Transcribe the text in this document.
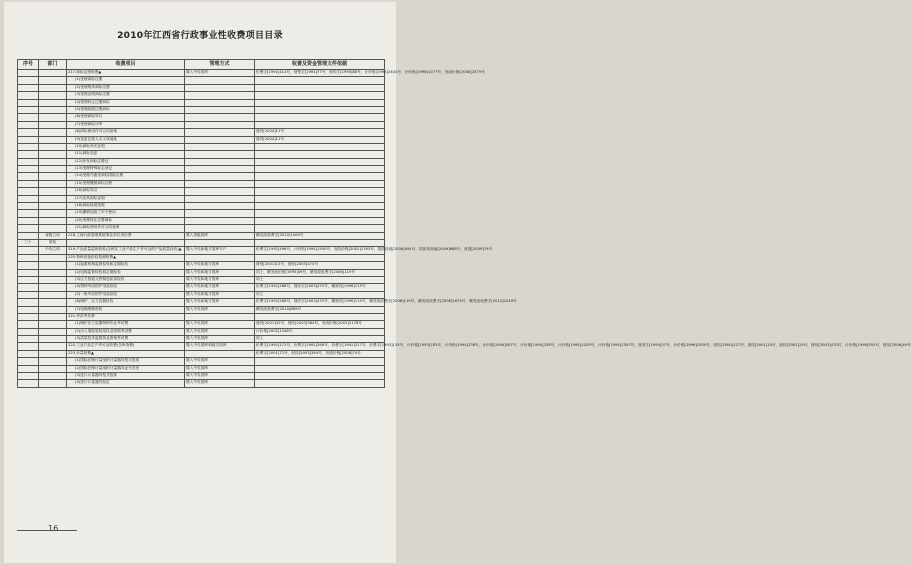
2010年江西省行政事业性收费项目目录
序号	部门	收费项目	管理方式	收费及资金管理文件依据
		217.商标注册收费▲	缴入中央国库	价费字[1992]414号，财预字[1994]37号，财综字[1995]88号，计价格[1995]2404号，计价格[1998]1077号，发改价格[2008]2579号
		(1)受理商标注册		
		(2)受理集体商标注册		
		(3)受理证明商标注册		
		(4)受理转让注册商标		
		(5)受理续展注册商标		
		(6)受理商标异议		
		(7)受理商标评审		
		(8)商标使用许可合同备案		财综[2004]11号
		(9)变更注册人名义或地址		财综[2004]11号
		(10)商标补充证明		
		(11)商标变更		
		(12)补发商标注册证		
		(13)受理特殊标志登记		
		(14)受理马德里商标国际注册		
		(15)受理撤销商标注册		
		(16)商标异议		
		(17)出具商标证明		
		(18)商标续展宽展		
		(19)撤销连续三年不使用		
		(20)受理转让注册商标		
		(21)商标使用许可合同备案		
	省级立项	218.工商行政管理系统事业单位诉讼费	缴入省级国库	赣发改收费字[2010]1509号
三十	质检			
	中央立项	219.产品质量监督检验(含核实工业产品生产许可证的产品质量检验)▲	缴入中央和地方国库专户	价费字[1992]496号，计价格[1994]1550号，发改价格[2002]1763号，国质检财[2008]494号，国质检财函[2009]688号，财建[2009]79号
		220.特种设备检验检测收费▲		
		(1)起重机械监督检验和定期检验	缴入中央和地方国库	财预[2001]13号，财综[2003]470号
		(2)电梯监督检验和定期检验	缴入中央和地方国库	同上，赣发改价格[1995]49号，赣发改收费字[2006]119号
		(3)压力管道元件制造质量检验	缴入中央和地方国库	同上
		(4)特种劳动防护用品检验	缴入中央和地方国库	价费字[1992]268号，财综字[2003]470号，赣财综[1996]115号
		(5)一般劳动防护用品检验	缴入中央和地方国库	同上
		(6)锅炉、压力容器检验	缴入中央和地方国库	价费字[1992]268号，财综字[2003]470号，赣财综[1996]115号，赣发改收费字[2006]119号，赣发改收费字[2008]1879号，赣发改收费字[2010]2249号
		(7)电梯维修资质	缴入中央国库	赣发改收费字[2010]689号
		221.考试考务费		
		(1)锅炉压力容器特种作业考试费	缴入中央国库	财综[2001]32号，财综[2003]384号，发改价格[2003]2178号
		(2)出入境检验检疫执业资格考试费	缴入中央国库	计价格[2002]1346号
		(3)质量技术监督执业资格考试费	缴入中央国库	同上
		222.工业产品生产许可证收费(含审查费)	缴入中央国库和地方国库	价费字[1992]172号，价费字[1992]268号，价费字[1992]317号，价费字[1993]135号，计价格[1993]183号，计价格[1994]238号，计价格[1994]507号，计价格[1995]339号，计价格[1995]1029号，计价格[1995]1507号，财预字[1994]37号，计价格[1996]1500号，财综[2000]127号，财综[2001]10号，财综[2002]15号，财综[2003]470号，计价格[1999]553号，财综[2006]49号
		223.计量收费▲		价费字[2001]72号，财综[2003]384号，发改价格[2008]74号
		(1)国际法制计量组织计量器具型式批准	缴入中央国库	
		(2)国际法制计量组织计量器具证书签发	缴入中央国库	
		(3)进口计量器具型式批准	缴入中央国库	
		(4)进口计量器具检定	缴入中央国库	
16
